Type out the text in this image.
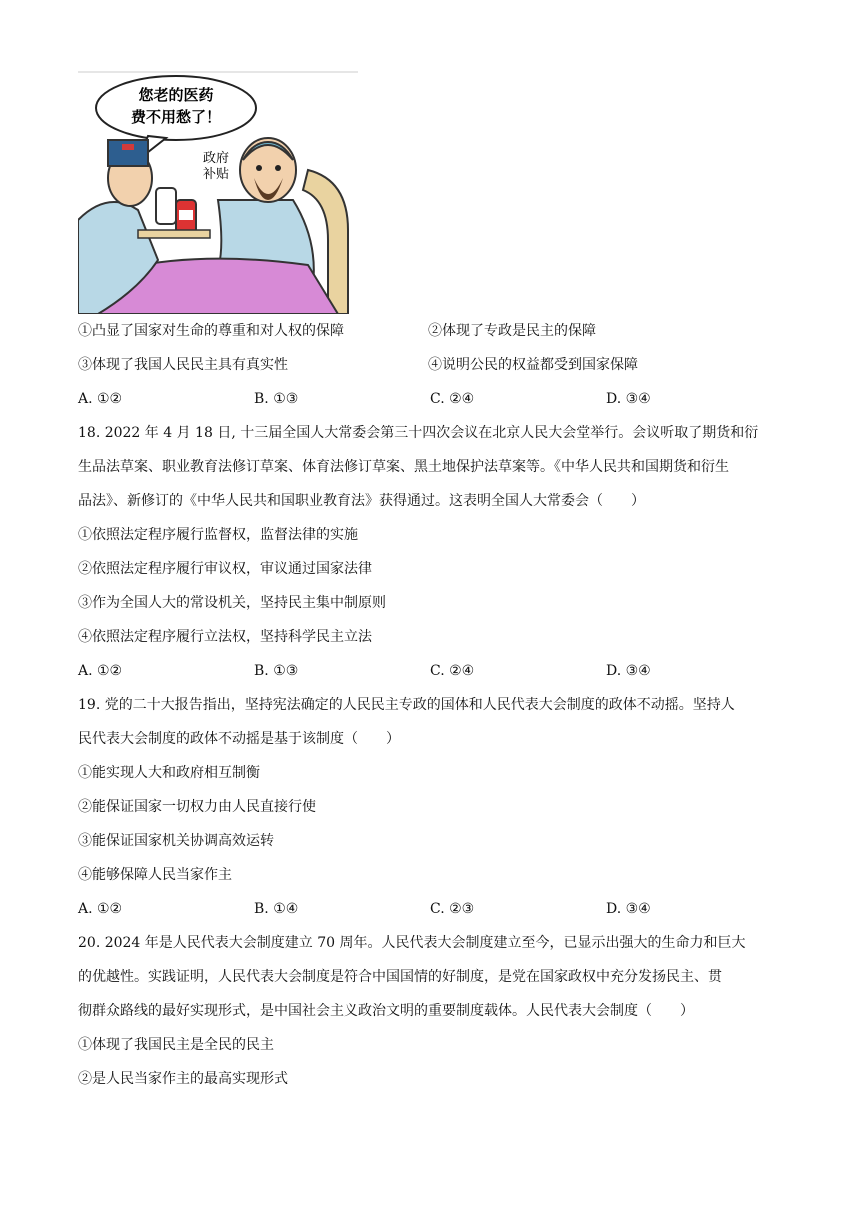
您老的医药
费不用愁了！
政府
补贴
①凸显了国家对生命的尊重和对人权的保障	②体现了专政是民主的保障
③体现了我国人民民主具有真实性	④说明公民的权益都受到国家保障
A. ①②	B. ①③	C. ②④	D. ③④
18. 2022 年 4 月 18 日, 十三届全国人大常委会第三十四次会议在北京人民大会堂举行。会议听取了期货和衍
生品法草案、职业教育法修订草案、体育法修订草案、黑土地保护法草案等。《中华人民共和国期货和衍生
品法》、新修订的《中华人民共和国职业教育法》获得通过。这表明全国人大常委会（　　）
①依照法定程序履行监督权，监督法律的实施
②依照法定程序履行审议权，审议通过国家法律
③作为全国人大的常设机关，坚持民主集中制原则
④依照法定程序履行立法权，坚持科学民主立法
A. ①②	B. ①③	C. ②④	D. ③④
19. 党的二十大报告指出，坚持宪法确定的人民民主专政的国体和人民代表大会制度的政体不动摇。坚持人
民代表大会制度的政体不动摇是基于该制度（　　）
①能实现人大和政府相互制衡
②能保证国家一切权力由人民直接行使
③能保证国家机关协调高效运转
④能够保障人民当家作主
A. ①②	B. ①④	C. ②③	D. ③④
20. 2024 年是人民代表大会制度建立 70 周年。人民代表大会制度建立至今，已显示出强大的生命力和巨大
的优越性。实践证明，人民代表大会制度是符合中国国情的好制度，是党在国家政权中充分发扬民主、贯
彻群众路线的最好实现形式，是中国社会主义政治文明的重要制度载体。人民代表大会制度（　　）
①体现了我国民主是全民的民主
②是人民当家作主的最高实现形式
